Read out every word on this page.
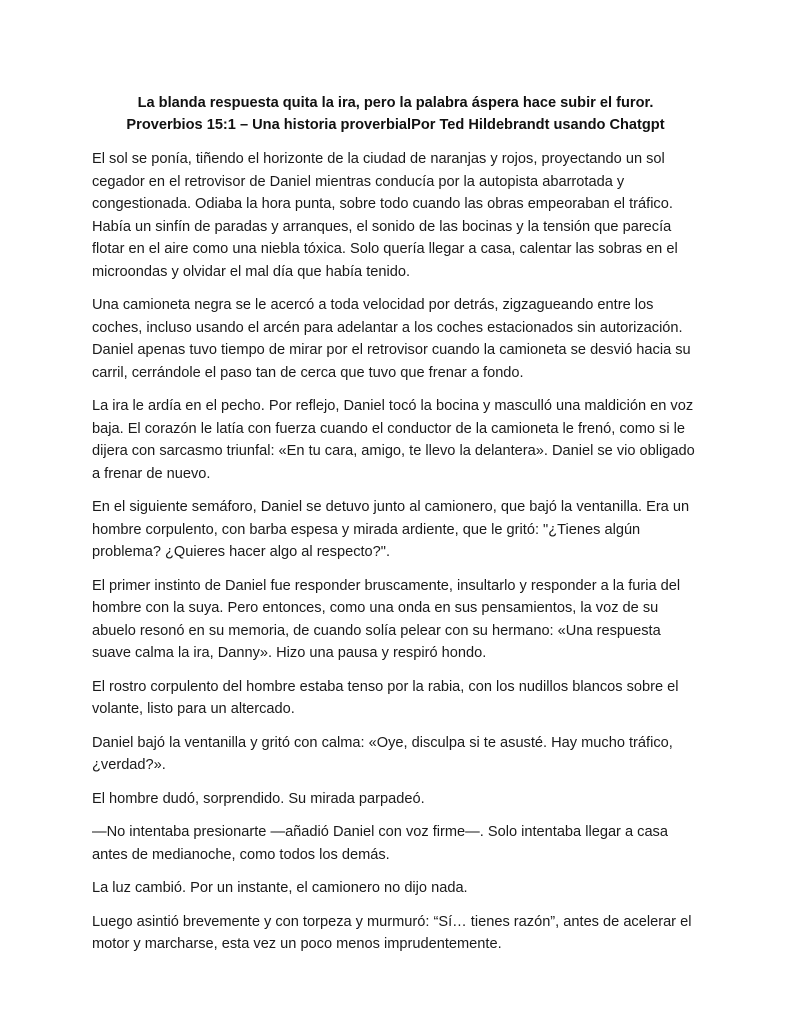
La blanda respuesta quita la ira, pero la palabra áspera hace subir el furor.
Proverbios 15:1 – Una historia proverbialPor Ted Hildebrandt usando Chatgpt

El sol se ponía, tiñendo el horizonte de la ciudad de naranjas y rojos, proyectando un sol cegador en el retrovisor de Daniel mientras conducía por la autopista abarrotada y congestionada. Odiaba la hora punta, sobre todo cuando las obras empeoraban el tráfico. Había un sinfín de paradas y arranques, el sonido de las bocinas y la tensión que parecía flotar en el aire como una niebla tóxica. Solo quería llegar a casa, calentar las sobras en el microondas y olvidar el mal día que había tenido.

Una camioneta negra se le acercó a toda velocidad por detrás, zigzagueando entre los coches, incluso usando el arcén para adelantar a los coches estacionados sin autorización. Daniel apenas tuvo tiempo de mirar por el retrovisor cuando la camioneta se desvió hacia su carril, cerrándole el paso tan de cerca que tuvo que frenar a fondo.

La ira le ardía en el pecho. Por reflejo, Daniel tocó la bocina y masculló una maldición en voz baja. El corazón le latía con fuerza cuando el conductor de la camioneta le frenó, como si le dijera con sarcasmo triunfal: «En tu cara, amigo, te llevo la delantera». Daniel se vio obligado a frenar de nuevo.

En el siguiente semáforo, Daniel se detuvo junto al camionero, que bajó la ventanilla. Era un hombre corpulento, con barba espesa y mirada ardiente, que le gritó: "¿Tienes algún problema? ¿Quieres hacer algo al respecto?".

El primer instinto de Daniel fue responder bruscamente, insultarlo y responder a la furia del hombre con la suya. Pero entonces, como una onda en sus pensamientos, la voz de su abuelo resonó en su memoria, de cuando solía pelear con su hermano: «Una respuesta suave calma la ira, Danny». Hizo una pausa y respiró hondo.

El rostro corpulento del hombre estaba tenso por la rabia, con los nudillos blancos sobre el volante, listo para un altercado.

Daniel bajó la ventanilla y gritó con calma: «Oye, disculpa si te asusté. Hay mucho tráfico, ¿verdad?».

El hombre dudó, sorprendido. Su mirada parpadeó.

—No intentaba presionarte —añadió Daniel con voz firme—. Solo intentaba llegar a casa antes de medianoche, como todos los demás.

La luz cambió. Por un instante, el camionero no dijo nada.

Luego asintió brevemente y con torpeza y murmuró: “Sí… tienes razón”, antes de acelerar el motor y marcharse, esta vez un poco menos imprudentemente.
